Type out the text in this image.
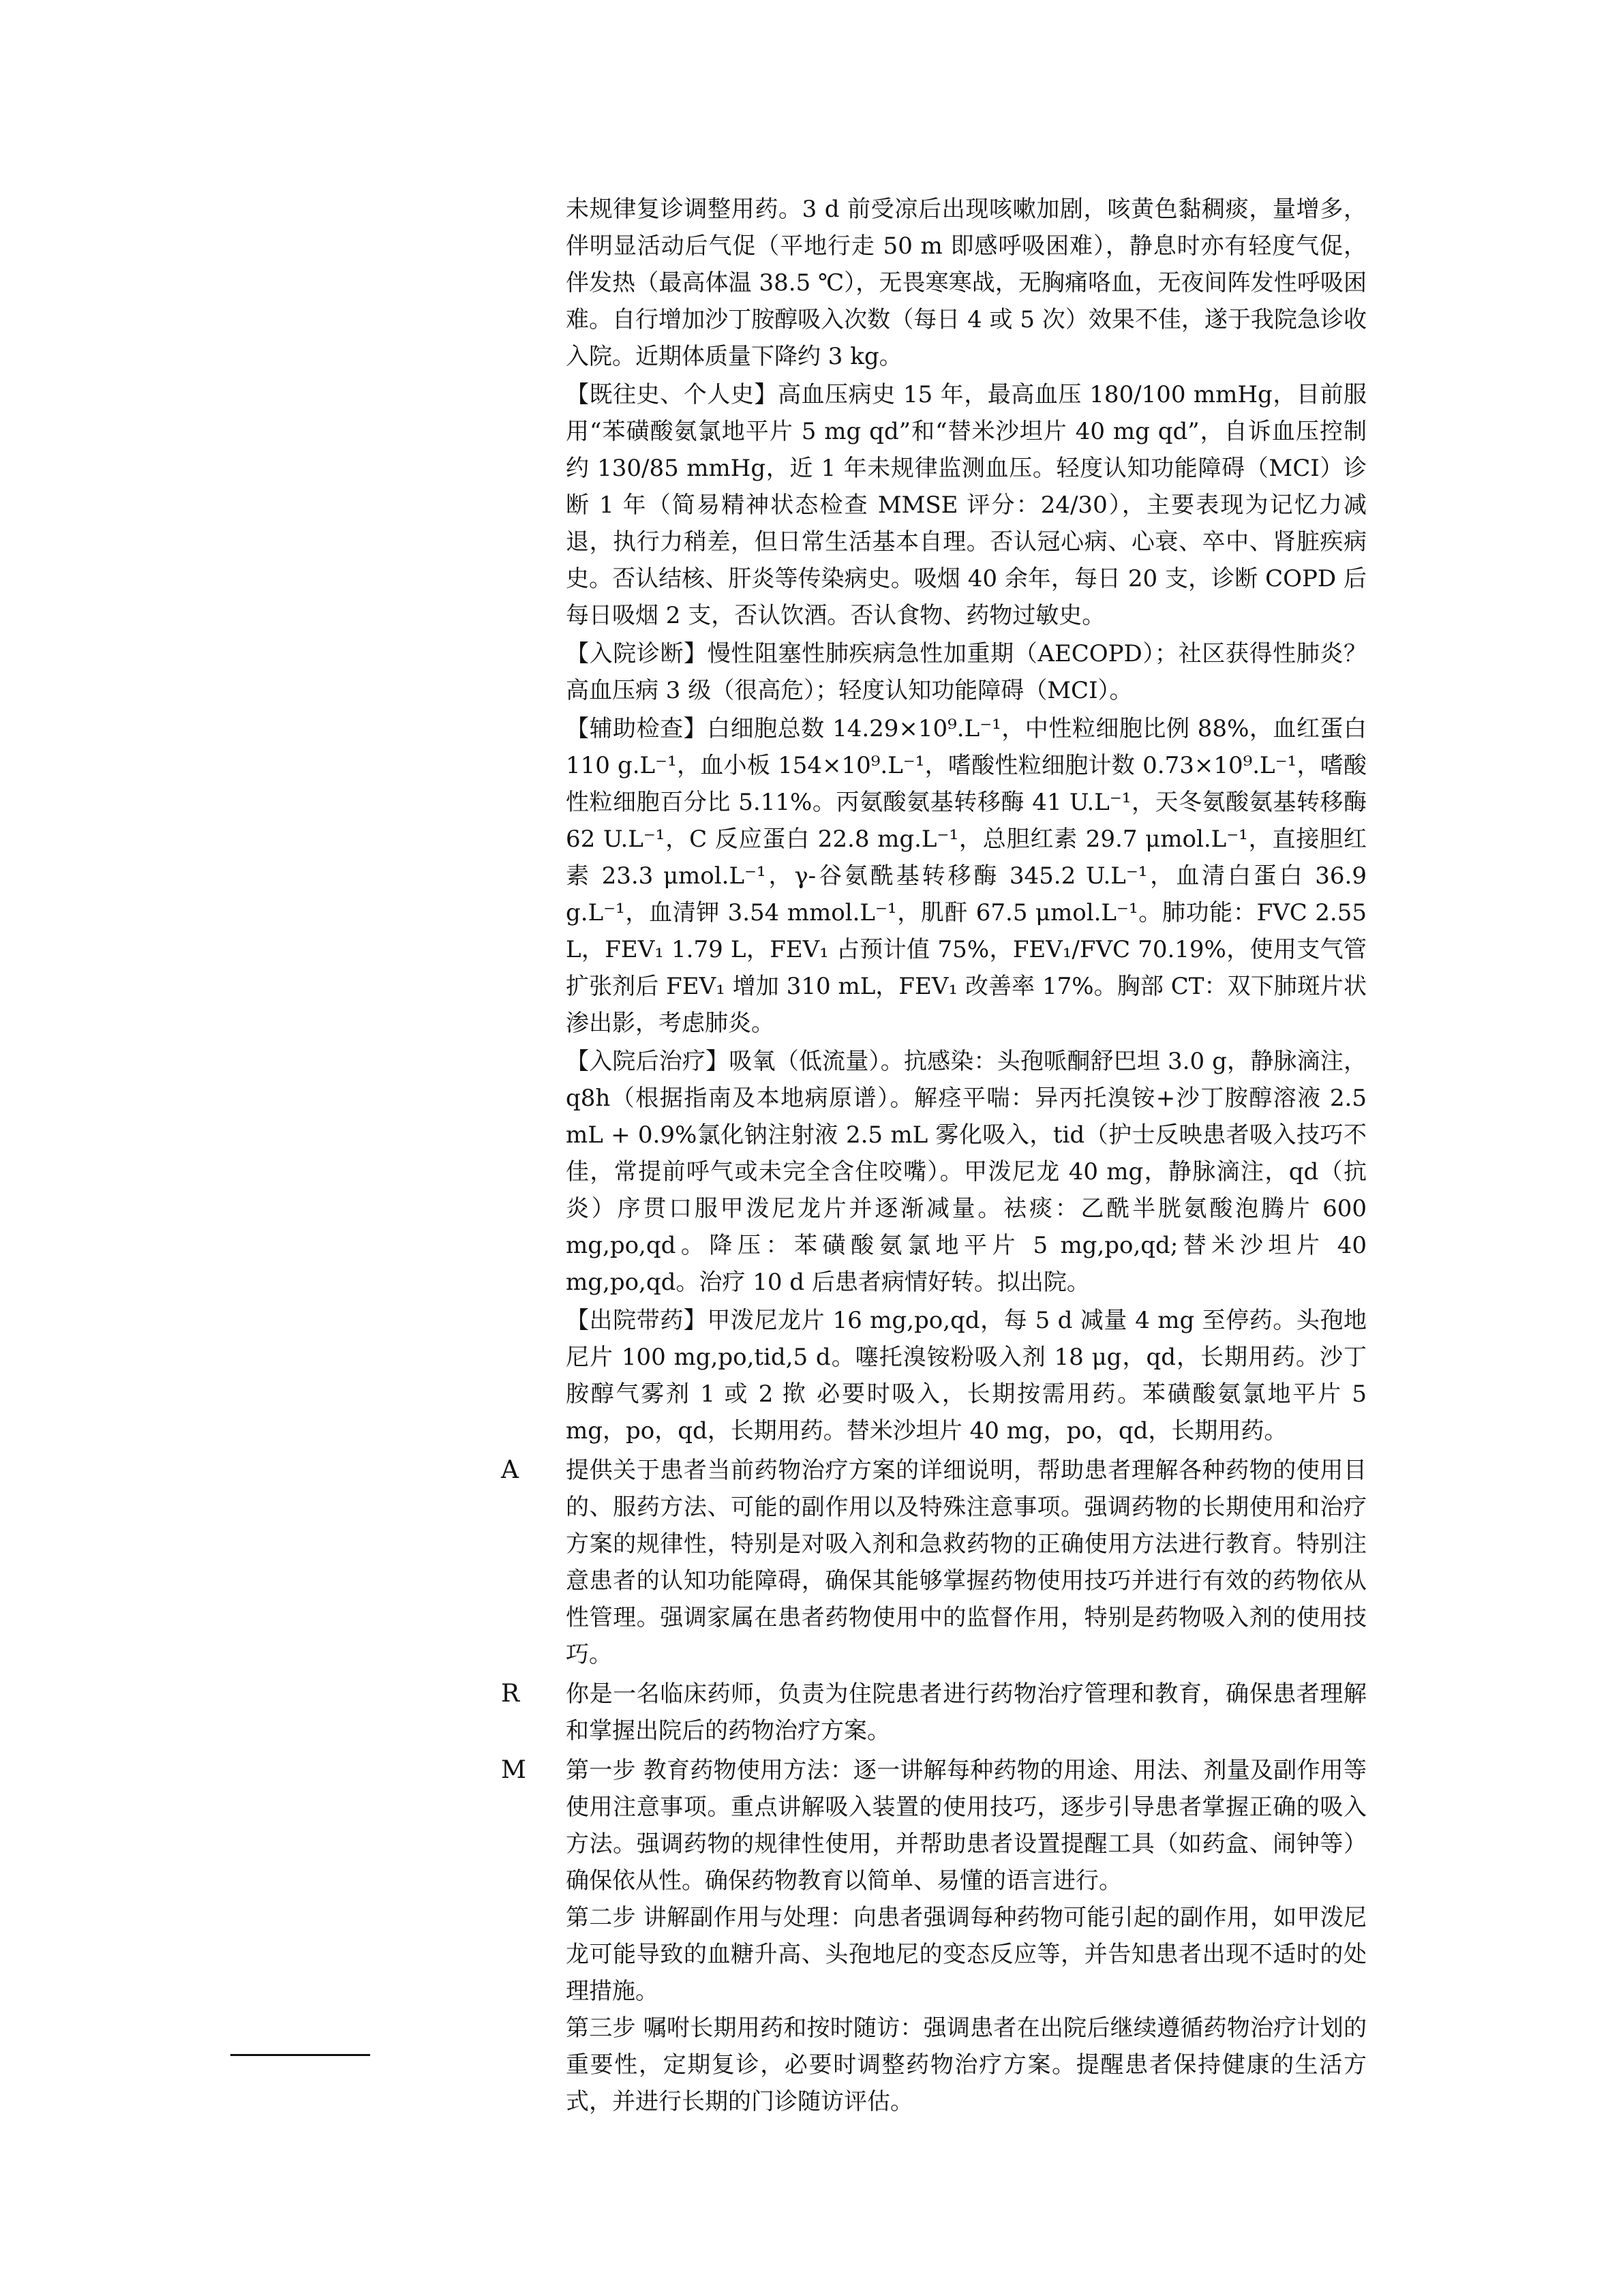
未规律复诊调整用药。3 d 前受凉后出现咳嗽加剧，咳黄色黏稠痰，量增多，伴明显活动后气促（平地行走 50 m 即感呼吸困难），静息时亦有轻度气促，伴发热（最高体温 38.5 ℃），无畏寒寒战，无胸痛咯血，无夜间阵发性呼吸困难。自行增加沙丁胺醇吸入次数（每日 4 或 5 次）效果不佳，遂于我院急诊收入院。近期体质量下降约 3 kg。

【既往史、个人史】高血压病史 15 年，最高血压 180/100 mmHg，目前服用“苯磺酸氨氯地平片 5 mg qd”和“替米沙坦片 40 mg qd”，自诉血压控制约 130/85 mmHg，近 1 年未规律监测血压。轻度认知功能障碍（MCI）诊断 1 年（简易精神状态检查 MMSE 评分：24/30），主要表现为记忆力减退，执行力稍差，但日常生活基本自理。否认冠心病、心衰、卒中、肾脏疾病史。否认结核、肝炎等传染病史。吸烟 40 余年，每日 20 支，诊断 COPD 后每日吸烟 2 支，否认饮酒。否认食物、药物过敏史。

【入院诊断】慢性阻塞性肺疾病急性加重期（AECOPD）；社区获得性肺炎？高血压病 3 级（很高危）；轻度认知功能障碍（MCI）。

【辅助检查】白细胞总数 14.29×10⁹.L⁻¹，中性粒细胞比例 88%，血红蛋白 110 g.L⁻¹，血小板 154×10⁹.L⁻¹，嗜酸性粒细胞计数 0.73×10⁹.L⁻¹，嗜酸性粒细胞百分比 5.11%。丙氨酸氨基转移酶 41 U.L⁻¹，天冬氨酸氨基转移酶 62 U.L⁻¹，C 反应蛋白 22.8 mg.L⁻¹，总胆红素 29.7 μmol.L⁻¹，直接胆红素 23.3 μmol.L⁻¹，γ-谷氨酰基转移酶 345.2 U.L⁻¹，血清白蛋白 36.9 g.L⁻¹，血清钾 3.54 mmol.L⁻¹，肌酐 67.5 μmol.L⁻¹。肺功能：FVC 2.55 L，FEV₁ 1.79 L，FEV₁ 占预计值 75%，FEV₁/FVC 70.19%，使用支气管扩张剂后 FEV₁ 增加 310 mL，FEV₁ 改善率 17%。胸部 CT：双下肺斑片状渗出影，考虑肺炎。

【入院后治疗】吸氧（低流量）。抗感染：头孢哌酮舒巴坦 3.0 g，静脉滴注，q8h（根据指南及本地病原谱）。解痉平喘：异丙托溴铵+沙丁胺醇溶液 2.5 mL + 0.9%氯化钠注射液 2.5 mL 雾化吸入，tid（护士反映患者吸入技巧不佳，常提前呼气或未完全含住咬嘴）。甲泼尼龙 40 mg，静脉滴注，qd（抗炎）序贯口服甲泼尼龙片并逐渐减量。祛痰：乙酰半胱氨酸泡腾片 600 mg,po,qd。降压：苯磺酸氨氯地平片 5 mg,po,qd;替米沙坦片 40 mg,po,qd。治疗 10 d 后患者病情好转。拟出院。

【出院带药】甲泼尼龙片 16 mg,po,qd，每 5 d 减量 4 mg 至停药。头孢地尼片 100 mg,po,tid,5 d。噻托溴铵粉吸入剂 18 μg，qd，长期用药。沙丁胺醇气雾剂 1 或 2 揿 必要时吸入，长期按需用药。苯磺酸氨氯地平片 5 mg，po，qd，长期用药。替米沙坦片 40 mg，po，qd，长期用药。

A	提供关于患者当前药物治疗方案的详细说明，帮助患者理解各种药物的使用目的、服药方法、可能的副作用以及特殊注意事项。强调药物的长期使用和治疗方案的规律性，特别是对吸入剂和急救药物的正确使用方法进行教育。特别注意患者的认知功能障碍，确保其能够掌握药物使用技巧并进行有效的药物依从性管理。强调家属在患者药物使用中的监督作用，特别是药物吸入剂的使用技巧。

R	你是一名临床药师，负责为住院患者进行药物治疗管理和教育，确保患者理解和掌握出院后的药物治疗方案。

M	第一步 教育药物使用方法：逐一讲解每种药物的用途、用法、剂量及副作用等使用注意事项。重点讲解吸入装置的使用技巧，逐步引导患者掌握正确的吸入方法。强调药物的规律性使用，并帮助患者设置提醒工具（如药盒、闹钟等）确保依从性。确保药物教育以简单、易懂的语言进行。

第二步 讲解副作用与处理：向患者强调每种药物可能引起的副作用，如甲泼尼龙可能导致的血糖升高、头孢地尼的变态反应等，并告知患者出现不适时的处理措施。

第三步 嘱咐长期用药和按时随访：强调患者在出院后继续遵循药物治疗计划的重要性，定期复诊，必要时调整药物治疗方案。提醒患者保持健康的生活方式，并进行长期的门诊随访评估。
